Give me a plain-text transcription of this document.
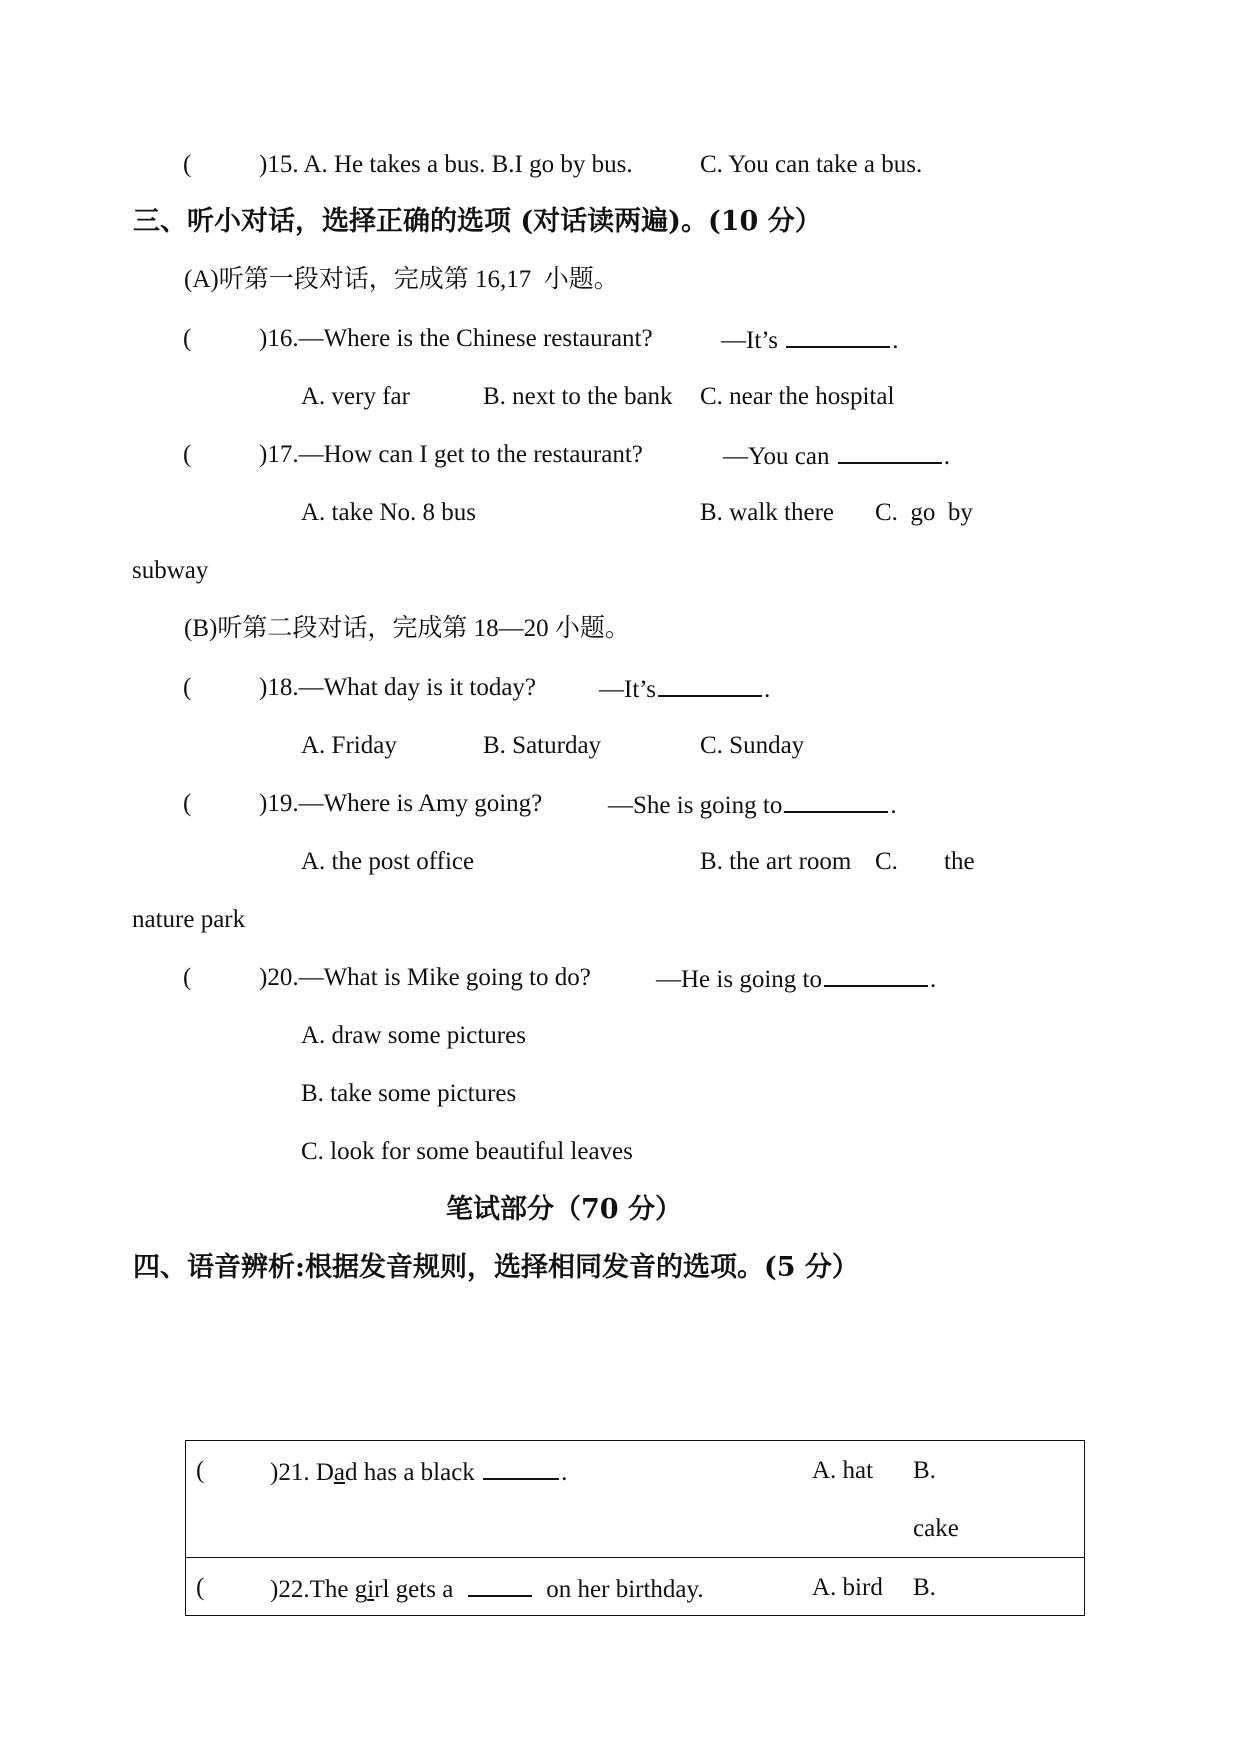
(	)15. A. He takes a bus. B.I go by bus.	C. You can take a bus.
三、听小对话，选择正确的选项 (对话读两遍)。(10 分）
(A)听第一段对话，完成第 16,17  小题。
(	)16.—Where is the Chinese restaurant?	—It’s	.
A. very far	B. next to the bank C. near the hospital
(	)17.—How can I get to the restaurant?	—You can	.
A. take No. 8 bus	B. walk there C.  go  by
subway
(B)听第二段对话，完成第 18—20 小题。
(	)18.—What day is it today?	—It’s	.
A. Friday	B. Saturday	C. Sunday
(	)19.—Where is Amy going?	—She is going to	.
A. the post office	B. the art room C. the
nature park
(	)20.—What is Mike going to do?	—He is going to	.
A. draw some pictures
B. take some pictures
C. look for some beautiful leaves
笔试部分（70 分）
四、语音辨析:根据发音规则，选择相同发音的选项。(5 分）
(	)21. Dad has a black	.	A. hat B.
cake

(	)22.The girl gets a	on her birthday.	A. bird B.
